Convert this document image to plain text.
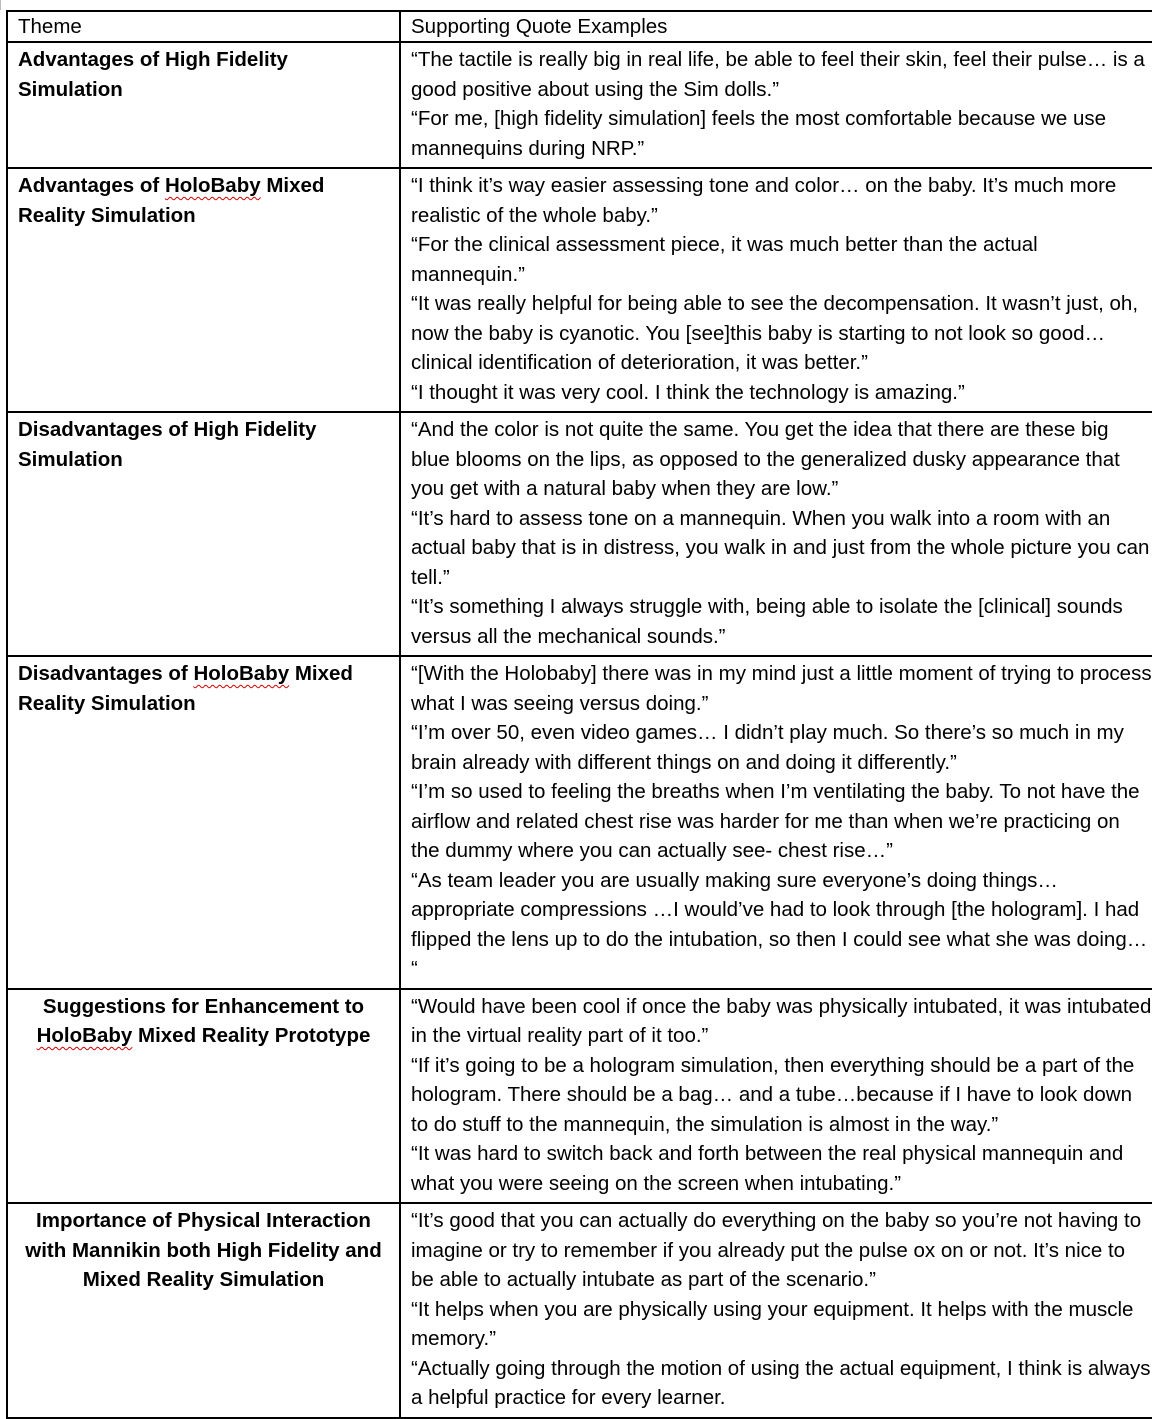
Theme	Supporting Quote Examples
Advantages of High Fidelity Simulation	“The tactile is really big in real life, be able to feel their skin, feel their pulse… is a good positive about using the Sim dolls.”
“For me, [high fidelity simulation] feels the most comfortable because we use mannequins during NRP.”

Advantages of HoloBaby Mixed Reality Simulation	“I think it’s way easier assessing tone and color… on the baby. It’s much more realistic of the whole baby.”
“For the clinical assessment piece, it was much better than the actual mannequin.”
“It was really helpful for being able to see the decompensation. It wasn’t just, oh, now the baby is cyanotic. You [see]this baby is starting to not look so good…clinical identification of deterioration, it was better.”
“I thought it was very cool. I think the technology is amazing.”

Disadvantages of High Fidelity Simulation	“And the color is not quite the same. You get the idea that there are these big blue blooms on the lips, as opposed to the generalized dusky appearance that you get with a natural baby when they are low.”
“It’s hard to assess tone on a mannequin. When you walk into a room with an actual baby that is in distress, you walk in and just from the whole picture you can tell.”
“It’s something I always struggle with, being able to isolate the [clinical] sounds versus all the mechanical sounds.”

Disadvantages of HoloBaby Mixed Reality Simulation	“[With the Holobaby] there was in my mind just a little moment of trying to process what I was seeing versus doing.”
“I’m over 50, even video games… I didn’t play much. So there’s so much in my brain already with different things on and doing it differently.”
“I’m so used to feeling the breaths when I’m ventilating the baby. To not have the airflow and related chest rise was harder for me than when we’re practicing on the dummy where you can actually see- chest rise…”
“As team leader you are usually making sure everyone’s doing things… appropriate compressions …I would’ve had to look through [the hologram]. I had flipped the lens up to do the intubation, so then I could see what she was doing… “

Suggestions for Enhancement to HoloBaby Mixed Reality Prototype	“Would have been cool if once the baby was physically intubated, it was intubated in the virtual reality part of it too.”
“If it’s going to be a hologram simulation, then everything should be a part of the hologram. There should be a bag… and a tube…because if I have to look down to do stuff to the mannequin, the simulation is almost in the way.”
“It was hard to switch back and forth between the real physical mannequin and what you were seeing on the screen when intubating.”

Importance of Physical Interaction with Mannikin both High Fidelity and Mixed Reality Simulation	“It’s good that you can actually do everything on the baby so you’re not having to imagine or try to remember if you already put the pulse ox on or not. It’s nice to be able to actually intubate as part of the scenario.”
“It helps when you are physically using your equipment. It helps with the muscle memory.”
“Actually going through the motion of using the actual equipment, I think is always a helpful practice for every learner.
